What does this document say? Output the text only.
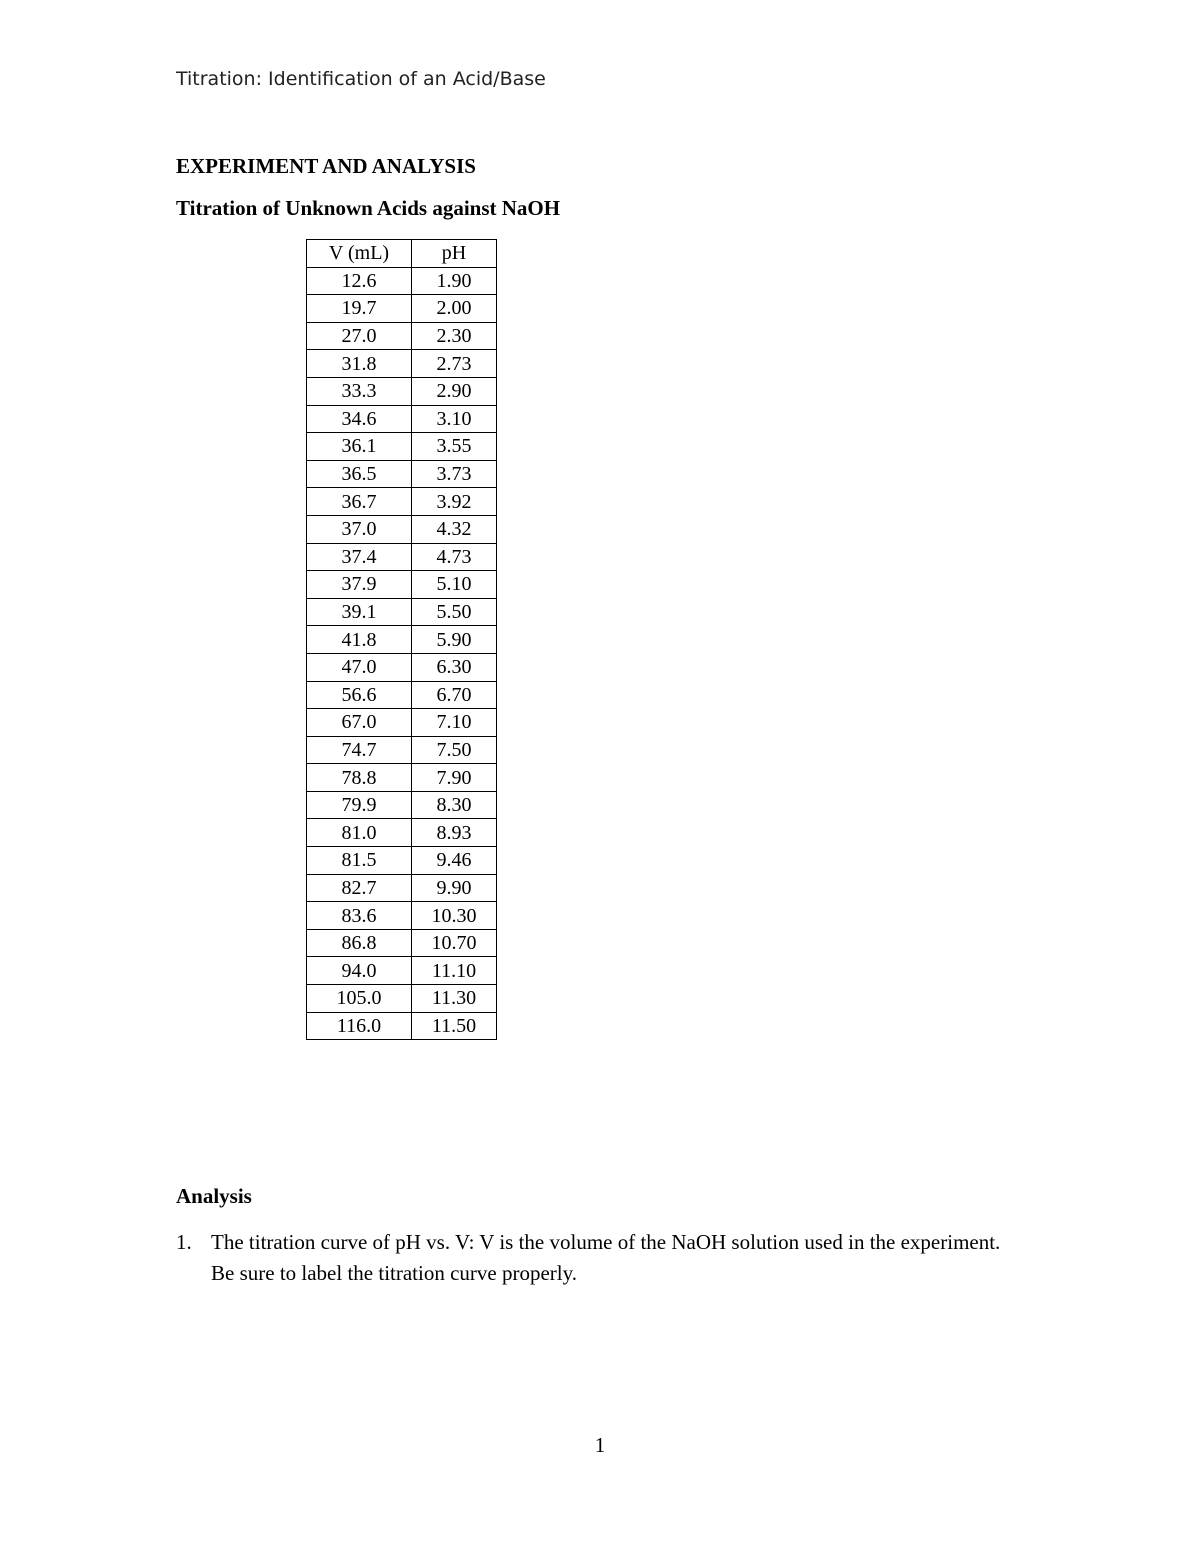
Titration: Identification of an Acid/Base
EXPERIMENT AND ANALYSIS
Titration of Unknown Acids against NaOH
V (mL)	pH
12.6	1.90
19.7	2.00
27.0	2.30
31.8	2.73
33.3	2.90
34.6	3.10
36.1	3.55
36.5	3.73
36.7	3.92
37.0	4.32
37.4	4.73
37.9	5.10
39.1	5.50
41.8	5.90
47.0	6.30
56.6	6.70
67.0	7.10
74.7	7.50
78.8	7.90
79.9	8.30
81.0	8.93
81.5	9.46
82.7	9.90
83.6	10.30
86.8	10.70
94.0	11.10
105.0	11.30
116.0	11.50
Analysis
1. The titration curve of pH vs. V: V is the volume of the NaOH solution used in the experiment. Be sure to label the titration curve properly.
1
